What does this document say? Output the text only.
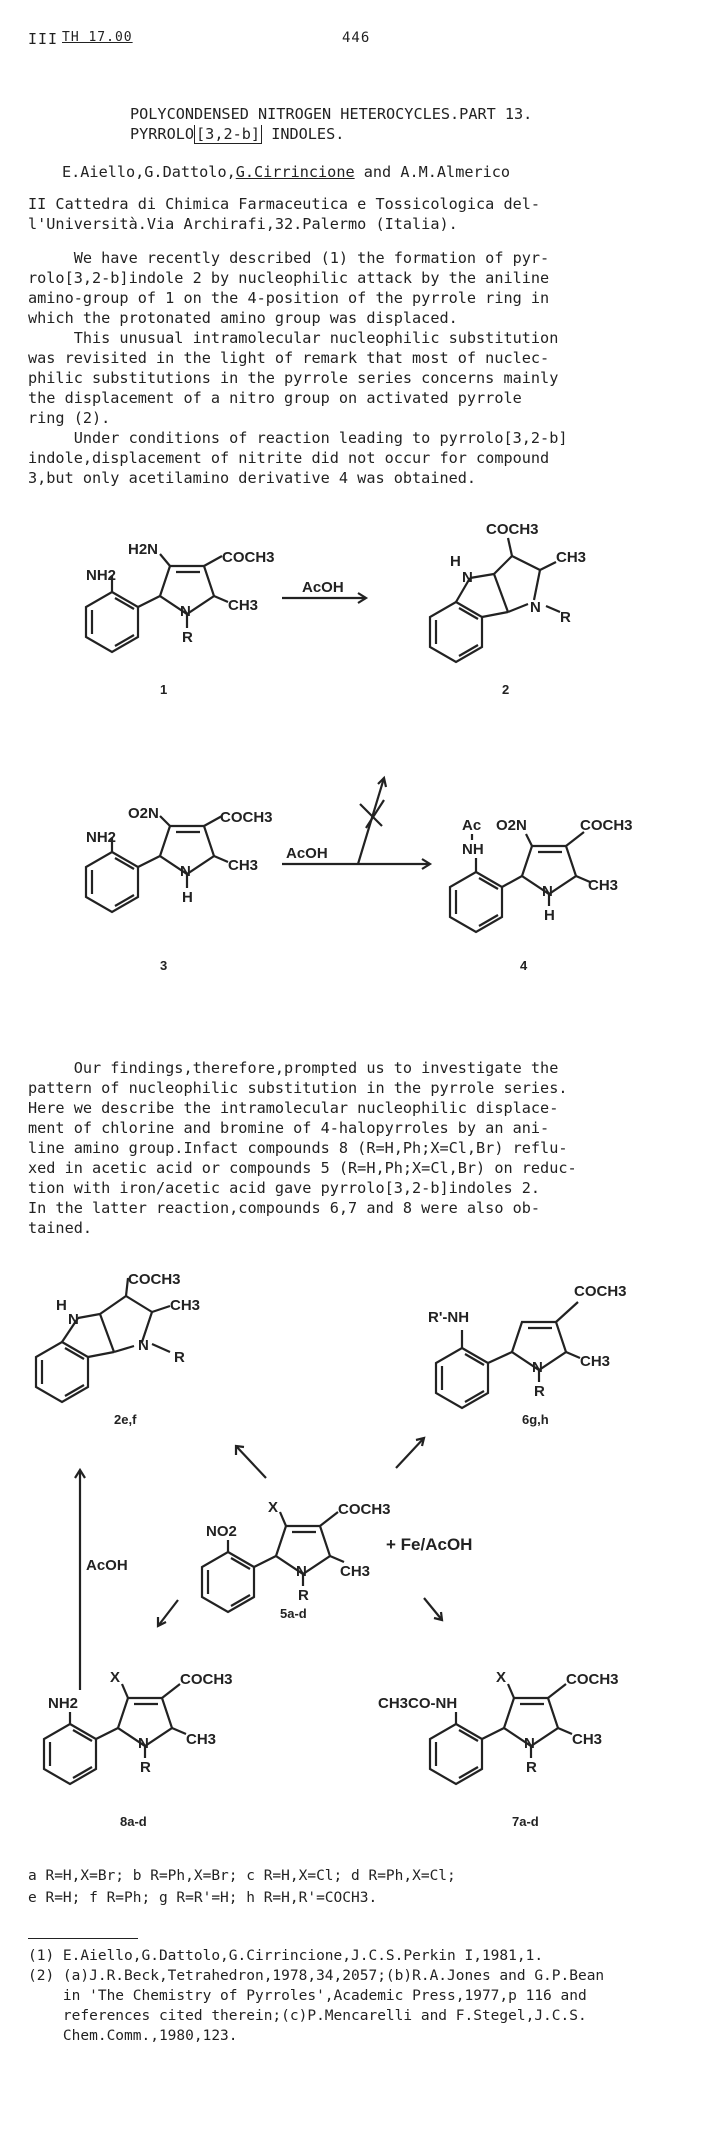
III TH 17.00	446
POLYCONDENSED NITROGEN HETEROCYCLES.PART 13.
PYRROLO [3,2-b] INDOLES.
E.Aiello,G.Dattolo,G.Cirrincione and A.M.Almerico
II Cattedra di Chimica Farmaceutica e Tossicologica del-
l'Università.Via Archirafi,32.Palermo (Italia).
We have recently described (1) the formation of pyr-
rolo[3,2-b]indole 2 by nucleophilic attack by the aniline
amino-group of 1 on the 4-position of the pyrrole ring in
which the protonated amino group was displaced.
This unusual intramolecular nucleophilic substitution
was revisited in the light of remark that most of nuclec-
philic substitutions in the pyrrole series concerns mainly
the displacement of a nitro group on activated pyrrole
ring (2).
Under conditions of reaction leading to pyrrolo[3,2-b]
indole,displacement of nitrite did not occur for compound
3,but only acetilamino derivative 4 was obtained.
NH2
H2N	COCH3
CH3
N
R
1
AcOH
COCH3
CH3
H
N
N
R
2
O2N	COCH3
NH2
CH3
N
H
3
AcOH
Ac
NH
O2N	COCH3
CH3
N
H
4
Our findings,therefore,prompted us to investigate the
pattern of nucleophilic substitution in the pyrrole series.
Here we describe the intramolecular nucleophilic displace-
ment of chlorine and bromine of 4-halopyrroles by an ani-
line amino group.Infact compounds 8 (R=H,Ph;X=Cl,Br) reflu-
xed in acetic acid or compounds 5 (R=H,Ph;X=Cl,Br) on reduc-
tion with iron/acetic acid gave pyrrolo[3,2-b]indoles 2.
In the latter reaction,compounds 6,7 and 8 were also ob-
tained.
COCH3
CH3
H
N
N
R
2e,f
R'-NH
COCH3
CH3
N
R
6g,h
AcOH
X
NO2
COCH3
CH3
N
R
+ Fe/AcOH
5a-d
NH2
X	COCH3
CH3
N
R
8a-d
CH3CO-NH
X	COCH3
CH3
N
R
7a-d
a R=H,X=Br; b R=Ph,X=Br; c R=H,X=Cl; d R=Ph,X=Cl;
e R=H; f R=Ph; g R=R'=H; h R=H,R'=COCH3.
(1) E.Aiello,G.Dattolo,G.Cirrincione,J.C.S.Perkin I,1981,1.
(2) (a)J.R.Beck,Tetrahedron,1978,34,2057;(b)R.A.Jones and G.P.Bean
in 'The Chemistry of Pyrroles',Academic Press,1977,p 116 and
references cited therein;(c)P.Mencarelli and F.Stegel,J.C.S.
Chem.Comm.,1980,123.
